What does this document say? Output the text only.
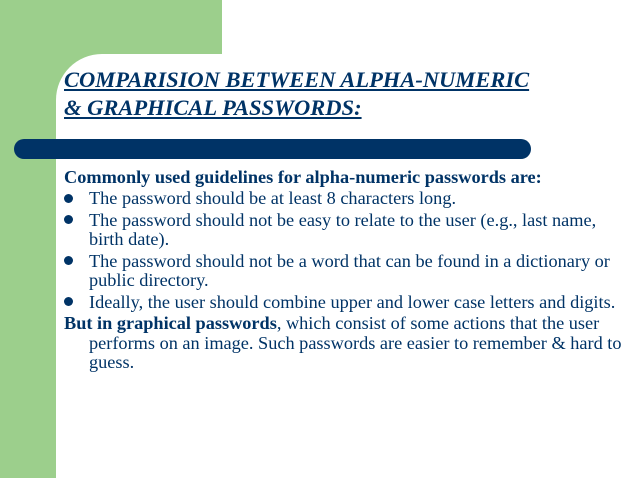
COMPARISION BETWEEN ALPHA-NUMERIC
& GRAPHICAL PASSWORDS:

Commonly used guidelines for alpha-numeric passwords are:

The password should be at least 8 characters long.
The password should not be easy to relate to the user (e.g., last name, birth date).
The password should not be a word that can be found in a dictionary or public directory.
Ideally, the user should combine upper and lower case letters and digits.

But in graphical passwords, which consist of some actions that the user performs on an image. Such passwords are easier to remember & hard to guess.
